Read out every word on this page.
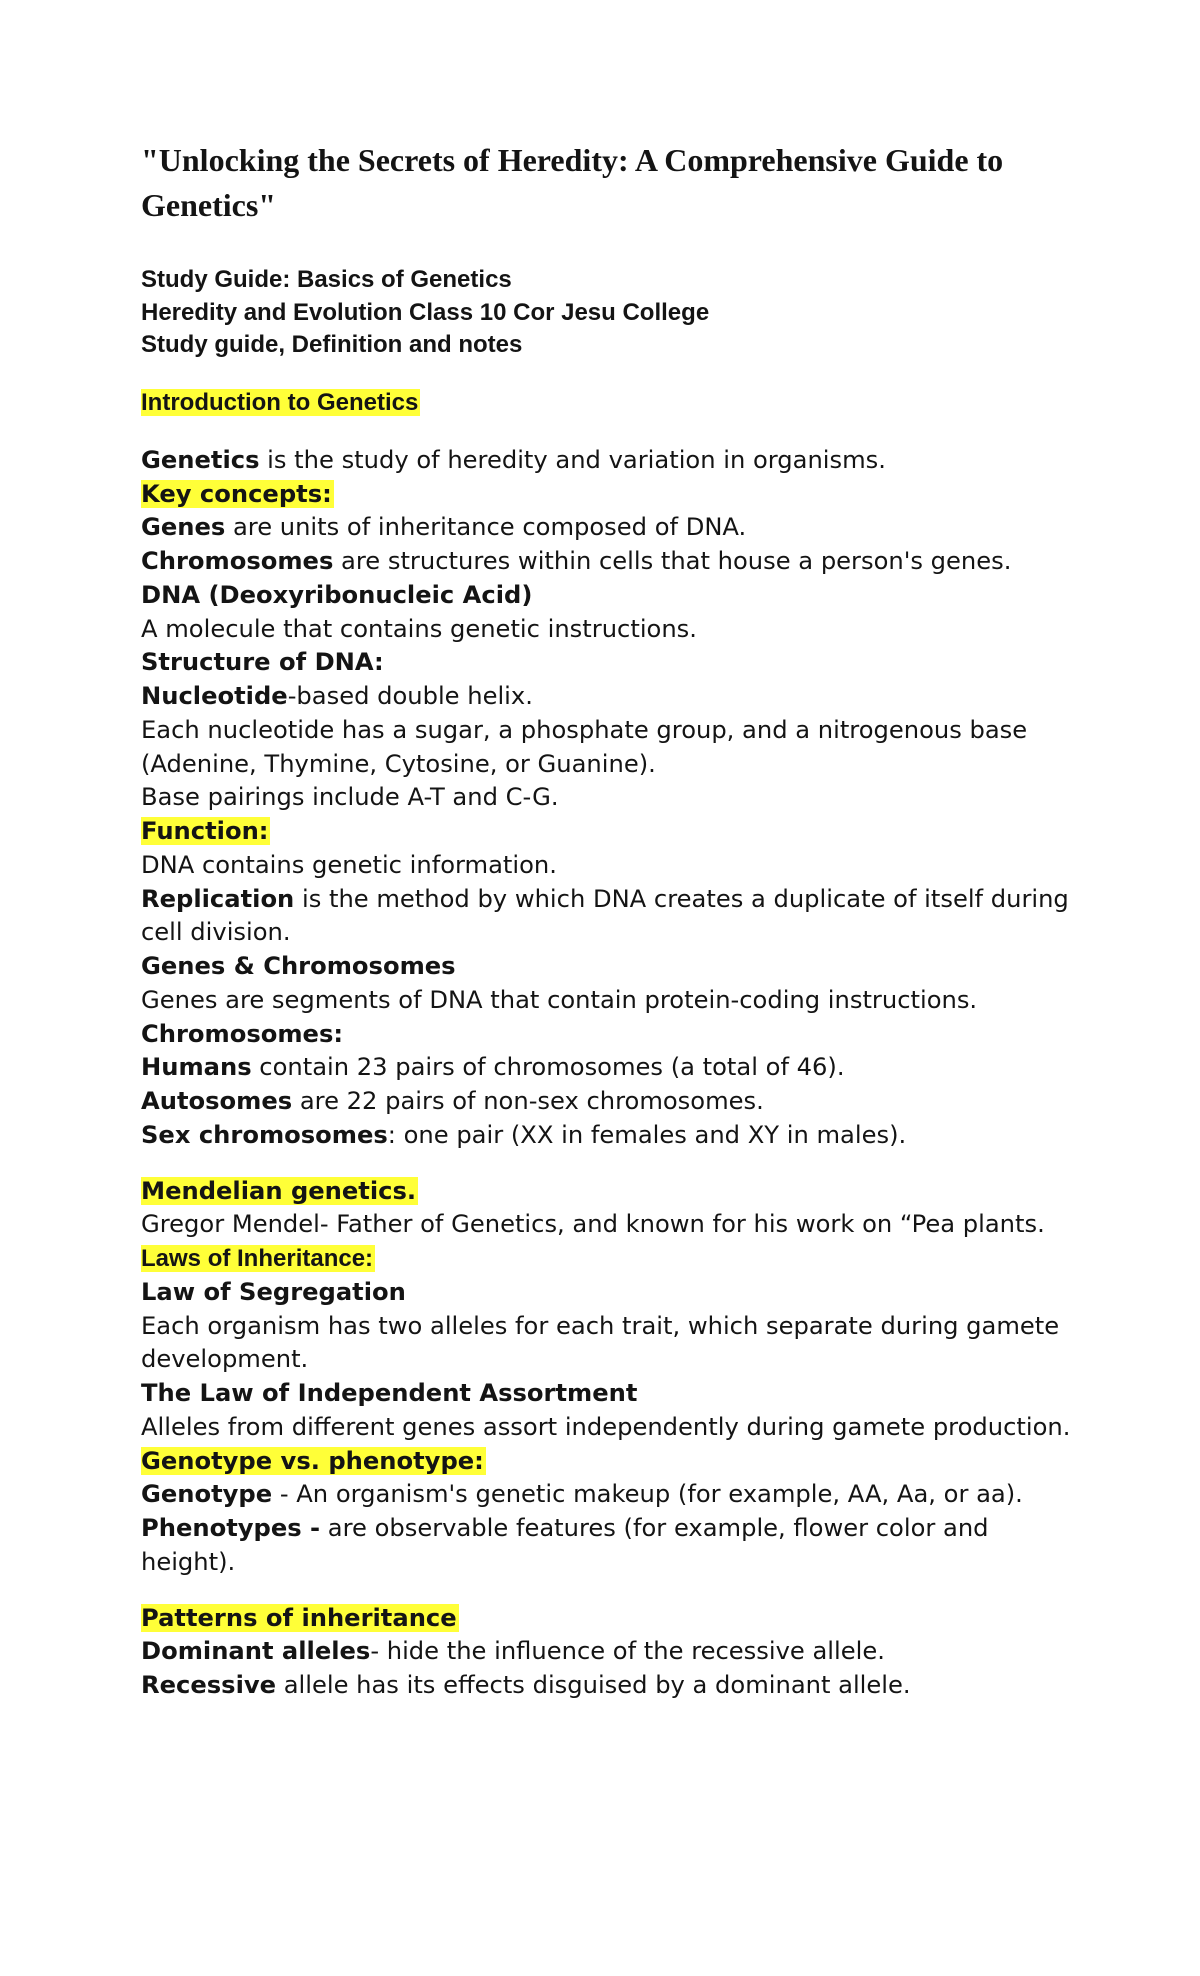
"Unlocking the Secrets of Heredity: A Comprehensive Guide to Genetics"
Study Guide: Basics of Genetics
Heredity and Evolution Class 10 Cor Jesu College
Study guide, Definition and notes
Introduction to Genetics
Genetics is the study of heredity and variation in organisms.
Key concepts:
Genes are units of inheritance composed of DNA.
Chromosomes are structures within cells that house a person's genes.
DNA (Deoxyribonucleic Acid)
A molecule that contains genetic instructions.
Structure of DNA:
Nucleotide-based double helix.
Each nucleotide has a sugar, a phosphate group, and a nitrogenous base (Adenine, Thymine, Cytosine, or Guanine).
Base pairings include A-T and C-G.
Function:
DNA contains genetic information.
Replication is the method by which DNA creates a duplicate of itself during cell division.
Genes & Chromosomes
Genes are segments of DNA that contain protein-coding instructions.
Chromosomes:
Humans contain 23 pairs of chromosomes (a total of 46).
Autosomes are 22 pairs of non-sex chromosomes.
Sex chromosomes: one pair (XX in females and XY in males).
Mendelian genetics.
Gregor Mendel- Father of Genetics, and known for his work on “Pea plants.
Laws of Inheritance:
Law of Segregation
Each organism has two alleles for each trait, which separate during gamete development.
The Law of Independent Assortment
Alleles from different genes assort independently during gamete production.
Genotype vs. phenotype:
Genotype - An organism's genetic makeup (for example, AA, Aa, or aa).
Phenotypes - are observable features (for example, flower color and height).
Patterns of inheritance
Dominant alleles- hide the influence of the recessive allele.
Recessive allele has its effects disguised by a dominant allele.
